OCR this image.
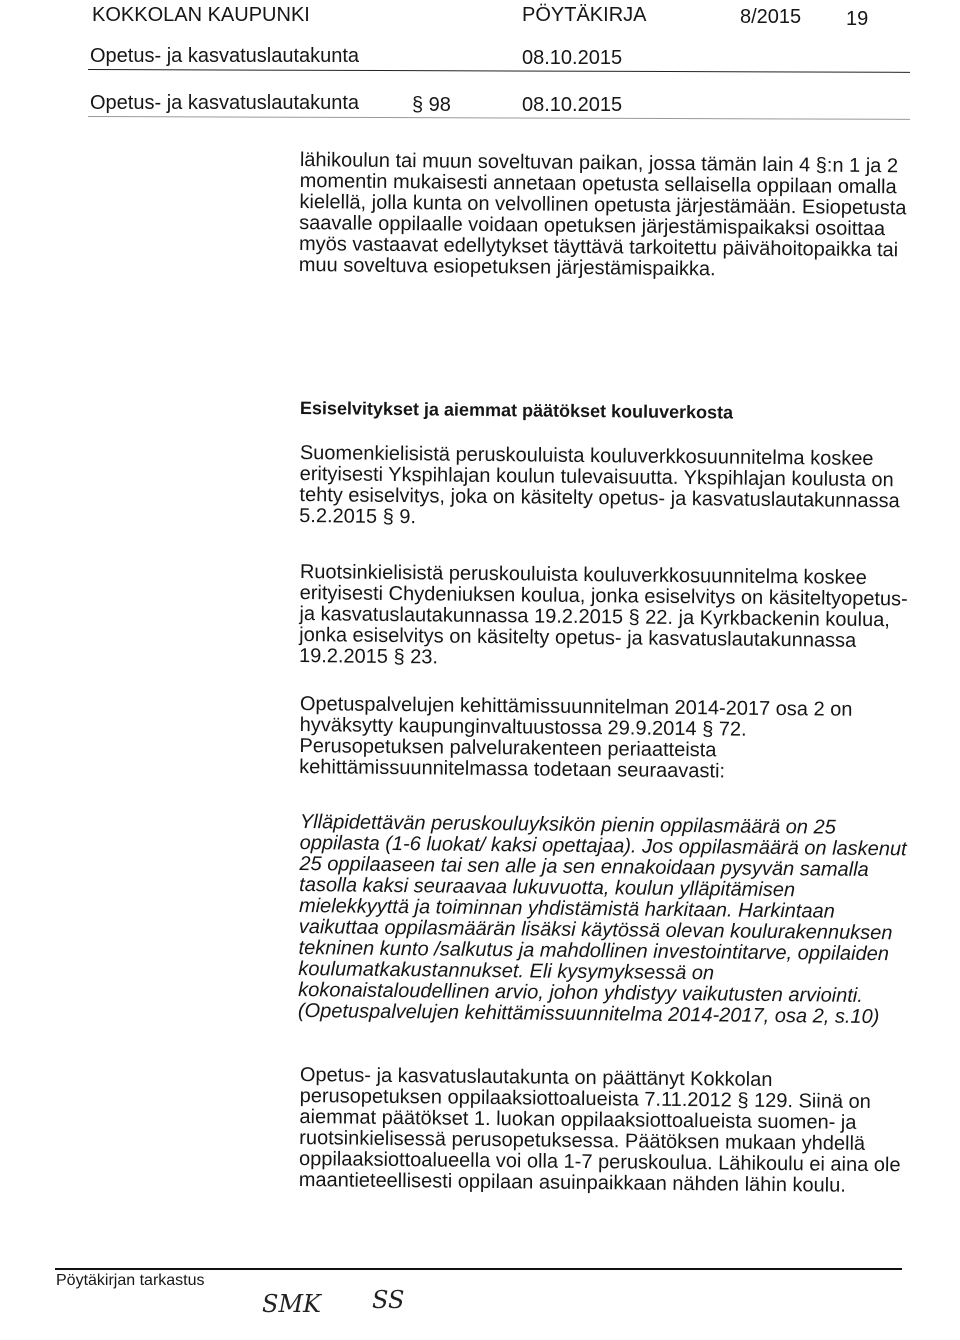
KOKKOLAN KAUPUNKI	PÖYTÄKIRJA	8/2015 19
Opetus- ja kasvatuslautakunta	08.10.2015
Opetus- ja kasvatuslautakunta	§ 98	08.10.2015

lähikoulun tai muun soveltuvan paikan, jossa tämän lain 4 §:n 1 ja 2
momentin mukaisesti annetaan opetusta sellaisella oppilaan omalla
kielellä, jolla kunta on velvollinen opetusta järjestämään. Esiopetusta
saavalle oppilaalle voidaan opetuksen järjestämispaikaksi osoittaa
myös vastaavat edellytykset täyttävä tarkoitettu päivähoitopaikka tai
muu soveltuva esiopetuksen järjestämispaikka.

Esiselvitykset ja aiemmat päätökset kouluverkosta

Suomenkielisistä peruskouluista kouluverkkosuunnitelma koskee
erityisesti Ykspihlajan koulun tulevaisuutta. Ykspihlajan koulusta on
tehty esiselvitys, joka on käsitelty opetus- ja kasvatuslautakunnassa
5.2.2015 § 9.

Ruotsinkielisistä peruskouluista kouluverkkosuunnitelma koskee
erityisesti Chydeniuksen koulua, jonka esiselvitys on käsiteltyopetus-
ja kasvatuslautakunnassa 19.2.2015 § 22. ja Kyrkbackenin koulua,
jonka esiselvitys on käsitelty opetus- ja kasvatuslautakunnassa
19.2.2015 § 23.

Opetuspalvelujen kehittämissuunnitelman 2014-2017 osa 2 on
hyväksytty kaupunginvaltuustossa 29.9.2014 § 72.
Perusopetuksen palvelurakenteen periaatteista
kehittämissuunnitelmassa todetaan seuraavasti:

Ylläpidettävän peruskouluyksikön pienin oppilasmäärä on 25
oppilasta (1-6 luokat/ kaksi opettajaa). Jos oppilasmäärä on laskenut
25 oppilaaseen tai sen alle ja sen ennakoidaan pysyvän samalla
tasolla kaksi seuraavaa lukuvuotta, koulun ylläpitämisen
mielekkyyttä ja toiminnan yhdistämistä harkitaan. Harkintaan
vaikuttaa oppilasmäärän lisäksi käytössä olevan koulurakennuksen
tekninen kunto /salkutus ja mahdollinen investointitarve, oppilaiden
koulumatkakustannukset. Eli kysymyksessä on
kokonaistaloudellinen arvio, johon yhdistyy vaikutusten arviointi.
(Opetuspalvelujen kehittämissuunnitelma 2014-2017, osa 2, s.10)

Opetus- ja kasvatuslautakunta on päättänyt Kokkolan
perusopetuksen oppilaaksiottoalueista 7.11.2012 § 129. Siinä on
aiemmat päätökset 1. luokan oppilaaksiottoalueista suomen- ja
ruotsinkielisessä perusopetuksessa. Päätöksen mukaan yhdellä
oppilaaksiottoalueella voi olla 1-7 peruskoulua. Lähikoulu ei aina ole
maantieteellisesti oppilaan asuinpaikkaan nähden lähin koulu.

Pöytäkirjan tarkastus
SMK SS
